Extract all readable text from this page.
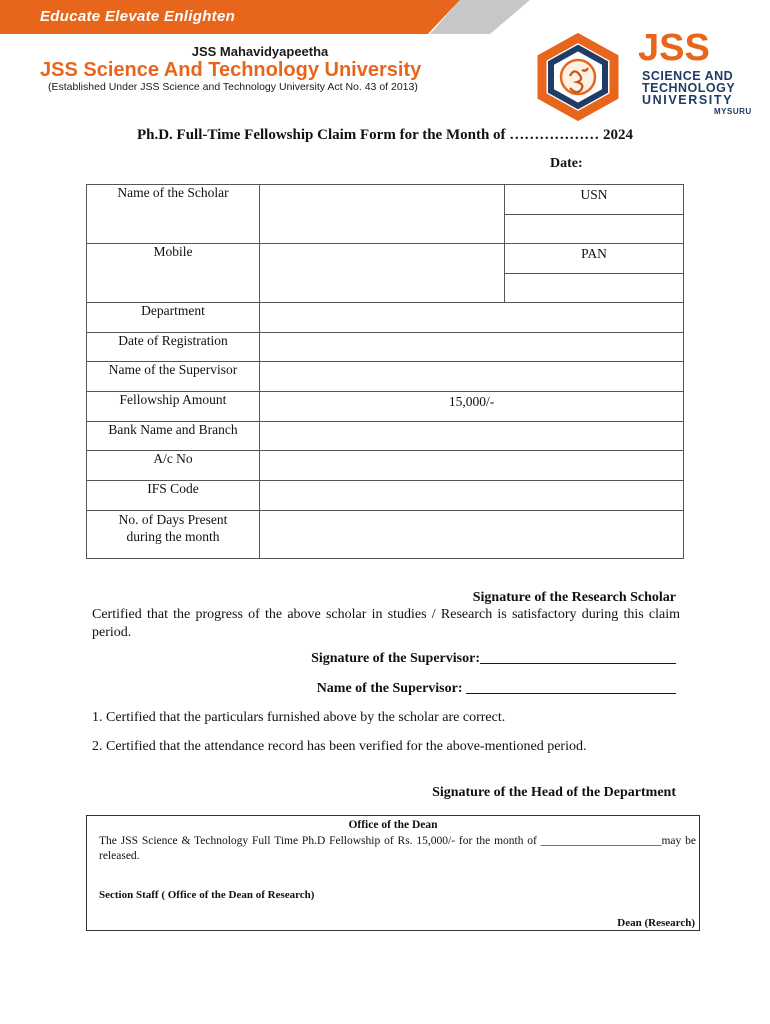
Educate Elevate Enlighten
JSS Mahavidyapeetha
JSS Science And Technology University
(Established Under JSS Science and Technology University Act No. 43 of 2013)
JSS
SCIENCE AND
TECHNOLOGY
UNIVERSITY
MYSURU
Ph.D. Full-Time Fellowship Claim Form for the Month of ……………… 2024
Date:
Name of the Scholar		USN

Mobile		PAN

Department		
Date of Registration		
Name of the Supervisor		
Fellowship Amount	15,000/-	
Bank Name and Branch		
A/c No		
IFS Code		
No. of Days Present
during the month		
Signature of the Research Scholar
Certified that the progress of the above scholar in studies / Research is satisfactory during this claim period.
Signature of the Supervisor:____________________________
Name of the Supervisor: ______________________________
1. Certified that the particulars furnished above by the scholar are correct.
2. Certified that the attendance record has been verified for the above-mentioned period.
Signature of the Head of the Department
Office of the Dean
The JSS Science & Technology Full Time Ph.D Fellowship of Rs. 15,000/- for the month of _____________________may be released.
Section Staff ( Office of the Dean of Research)
Dean (Research)
